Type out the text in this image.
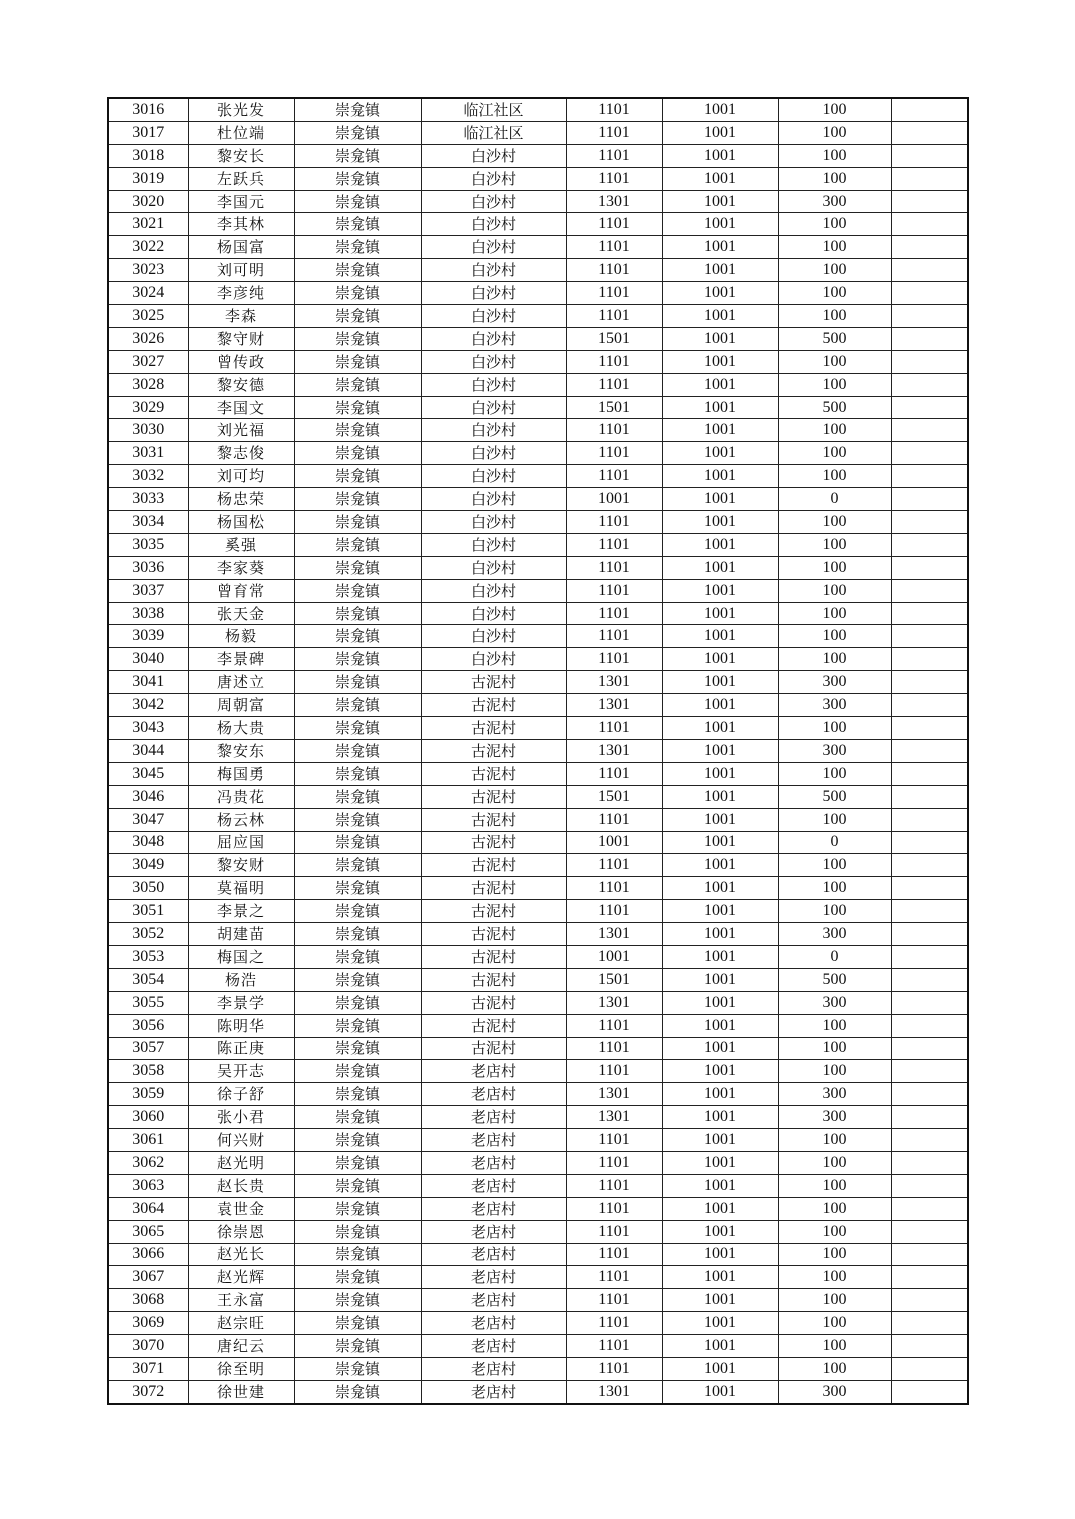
3016	张光发	崇龛镇	临江社区	1101	1001	100	
3017	杜位端	崇龛镇	临江社区	1101	1001	100	
3018	黎安长	崇龛镇	白沙村	1101	1001	100	
3019	左跃兵	崇龛镇	白沙村	1101	1001	100	
3020	李国元	崇龛镇	白沙村	1301	1001	300	
3021	李其林	崇龛镇	白沙村	1101	1001	100	
3022	杨国富	崇龛镇	白沙村	1101	1001	100	
3023	刘可明	崇龛镇	白沙村	1101	1001	100	
3024	李彦纯	崇龛镇	白沙村	1101	1001	100	
3025	李森	崇龛镇	白沙村	1101	1001	100	
3026	黎守财	崇龛镇	白沙村	1501	1001	500	
3027	曾传政	崇龛镇	白沙村	1101	1001	100	
3028	黎安德	崇龛镇	白沙村	1101	1001	100	
3029	李国文	崇龛镇	白沙村	1501	1001	500	
3030	刘光福	崇龛镇	白沙村	1101	1001	100	
3031	黎志俊	崇龛镇	白沙村	1101	1001	100	
3032	刘可均	崇龛镇	白沙村	1101	1001	100	
3033	杨忠荣	崇龛镇	白沙村	1001	1001	0	
3034	杨国松	崇龛镇	白沙村	1101	1001	100	
3035	奚强	崇龛镇	白沙村	1101	1001	100	
3036	李家葵	崇龛镇	白沙村	1101	1001	100	
3037	曾育常	崇龛镇	白沙村	1101	1001	100	
3038	张天金	崇龛镇	白沙村	1101	1001	100	
3039	杨毅	崇龛镇	白沙村	1101	1001	100	
3040	李景碑	崇龛镇	白沙村	1101	1001	100	
3041	唐述立	崇龛镇	古泥村	1301	1001	300	
3042	周朝富	崇龛镇	古泥村	1301	1001	300	
3043	杨大贵	崇龛镇	古泥村	1101	1001	100	
3044	黎安东	崇龛镇	古泥村	1301	1001	300	
3045	梅国勇	崇龛镇	古泥村	1101	1001	100	
3046	冯贵花	崇龛镇	古泥村	1501	1001	500	
3047	杨云林	崇龛镇	古泥村	1101	1001	100	
3048	屈应国	崇龛镇	古泥村	1001	1001	0	
3049	黎安财	崇龛镇	古泥村	1101	1001	100	
3050	莫福明	崇龛镇	古泥村	1101	1001	100	
3051	李景之	崇龛镇	古泥村	1101	1001	100	
3052	胡建苗	崇龛镇	古泥村	1301	1001	300	
3053	梅国之	崇龛镇	古泥村	1001	1001	0	
3054	杨浩	崇龛镇	古泥村	1501	1001	500	
3055	李景学	崇龛镇	古泥村	1301	1001	300	
3056	陈明华	崇龛镇	古泥村	1101	1001	100	
3057	陈正庚	崇龛镇	古泥村	1101	1001	100	
3058	吴开志	崇龛镇	老店村	1101	1001	100	
3059	徐子舒	崇龛镇	老店村	1301	1001	300	
3060	张小君	崇龛镇	老店村	1301	1001	300	
3061	何兴财	崇龛镇	老店村	1101	1001	100	
3062	赵光明	崇龛镇	老店村	1101	1001	100	
3063	赵长贵	崇龛镇	老店村	1101	1001	100	
3064	袁世金	崇龛镇	老店村	1101	1001	100	
3065	徐崇恩	崇龛镇	老店村	1101	1001	100	
3066	赵光长	崇龛镇	老店村	1101	1001	100	
3067	赵光辉	崇龛镇	老店村	1101	1001	100	
3068	王永富	崇龛镇	老店村	1101	1001	100	
3069	赵宗旺	崇龛镇	老店村	1101	1001	100	
3070	唐纪云	崇龛镇	老店村	1101	1001	100	
3071	徐至明	崇龛镇	老店村	1101	1001	100	
3072	徐世建	崇龛镇	老店村	1301	1001	300	
